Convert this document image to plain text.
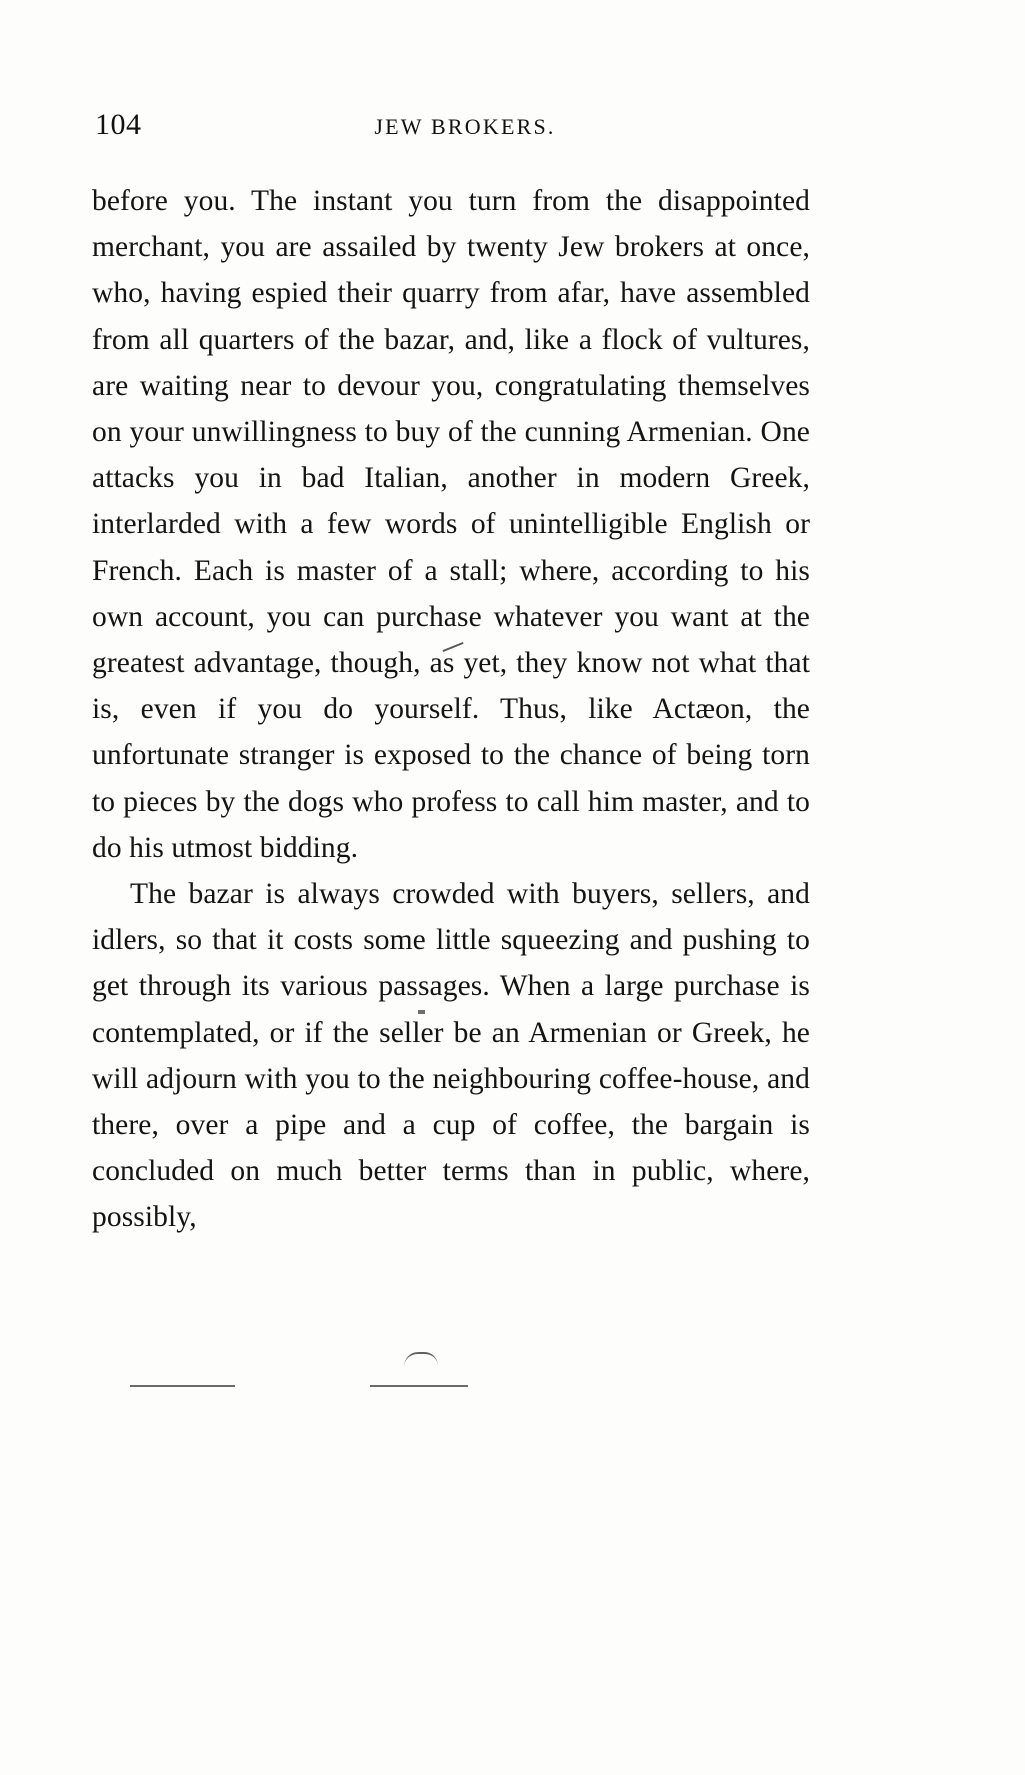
104	JEW BROKERS.

before you. The instant you turn from the disappointed merchant, you are assailed by twenty Jew brokers at once, who, having espied their quarry from afar, have assembled from all quarters of the bazar, and, like a flock of vultures, are waiting near to devour you, congratulating themselves on your unwillingness to buy of the cunning Armenian. One attacks you in bad Italian, another in modern Greek, interlarded with a few words of unintelligible English or French. Each is master of a stall; where, according to his own account, you can purchase whatever you want at the greatest advantage, though, as yet, they know not what that is, even if you do yourself. Thus, like Actæon, the unfortunate stranger is exposed to the chance of being torn to pieces by the dogs who profess to call him master, and to do his utmost bidding.

The bazar is always crowded with buyers, sellers, and idlers, so that it costs some little squeezing and pushing to get through its various passages. When a large purchase is contemplated, or if the seller be an Armenian or Greek, he will adjourn with you to the neighbouring coffee-house, and there, over a pipe and a cup of coffee, the bargain is concluded on much better terms than in public, where, possibly,
